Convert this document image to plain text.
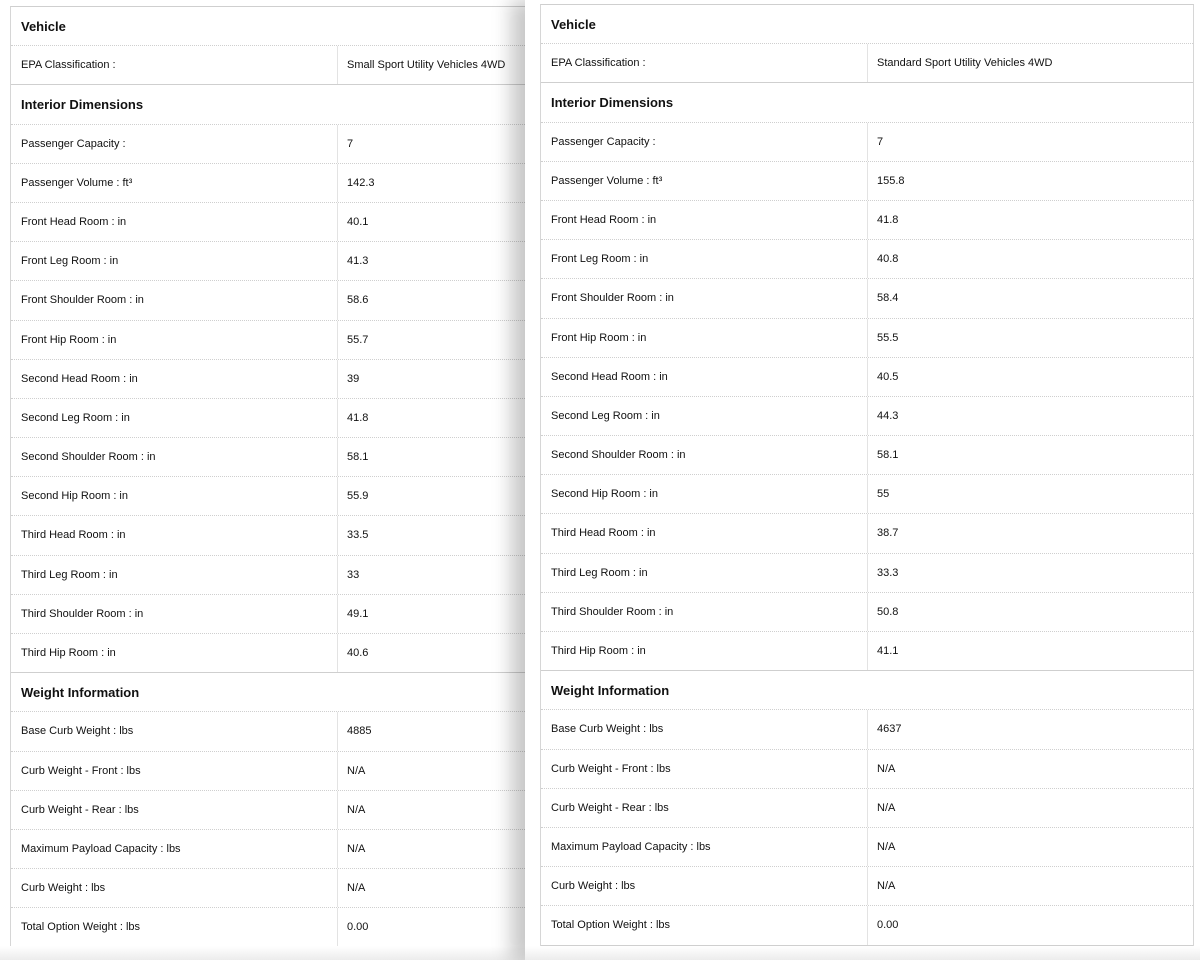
Vehicle
EPA Classification :	Small Sport Utility Vehicles 4WD
Interior Dimensions
Passenger Capacity :	7
Passenger Volume : ft³	142.3
Front Head Room : in	40.1
Front Leg Room : in	41.3
Front Shoulder Room : in	58.6
Front Hip Room : in	55.7
Second Head Room : in	39
Second Leg Room : in	41.8
Second Shoulder Room : in	58.1
Second Hip Room : in	55.9
Third Head Room : in	33.5
Third Leg Room : in	33
Third Shoulder Room : in	49.1
Third Hip Room : in	40.6
Weight Information
Base Curb Weight : lbs	4885
Curb Weight - Front : lbs	N/A
Curb Weight - Rear : lbs	N/A
Maximum Payload Capacity : lbs	N/A
Curb Weight : lbs	N/A
Total Option Weight : lbs	0.00
Vehicle
EPA Classification :	Standard Sport Utility Vehicles 4WD
Interior Dimensions
Passenger Capacity :	7
Passenger Volume : ft³	155.8
Front Head Room : in	41.8
Front Leg Room : in	40.8
Front Shoulder Room : in	58.4
Front Hip Room : in	55.5
Second Head Room : in	40.5
Second Leg Room : in	44.3
Second Shoulder Room : in	58.1
Second Hip Room : in	55
Third Head Room : in	38.7
Third Leg Room : in	33.3
Third Shoulder Room : in	50.8
Third Hip Room : in	41.1
Weight Information
Base Curb Weight : lbs	4637
Curb Weight - Front : lbs	N/A
Curb Weight - Rear : lbs	N/A
Maximum Payload Capacity : lbs	N/A
Curb Weight : lbs	N/A
Total Option Weight : lbs	0.00
